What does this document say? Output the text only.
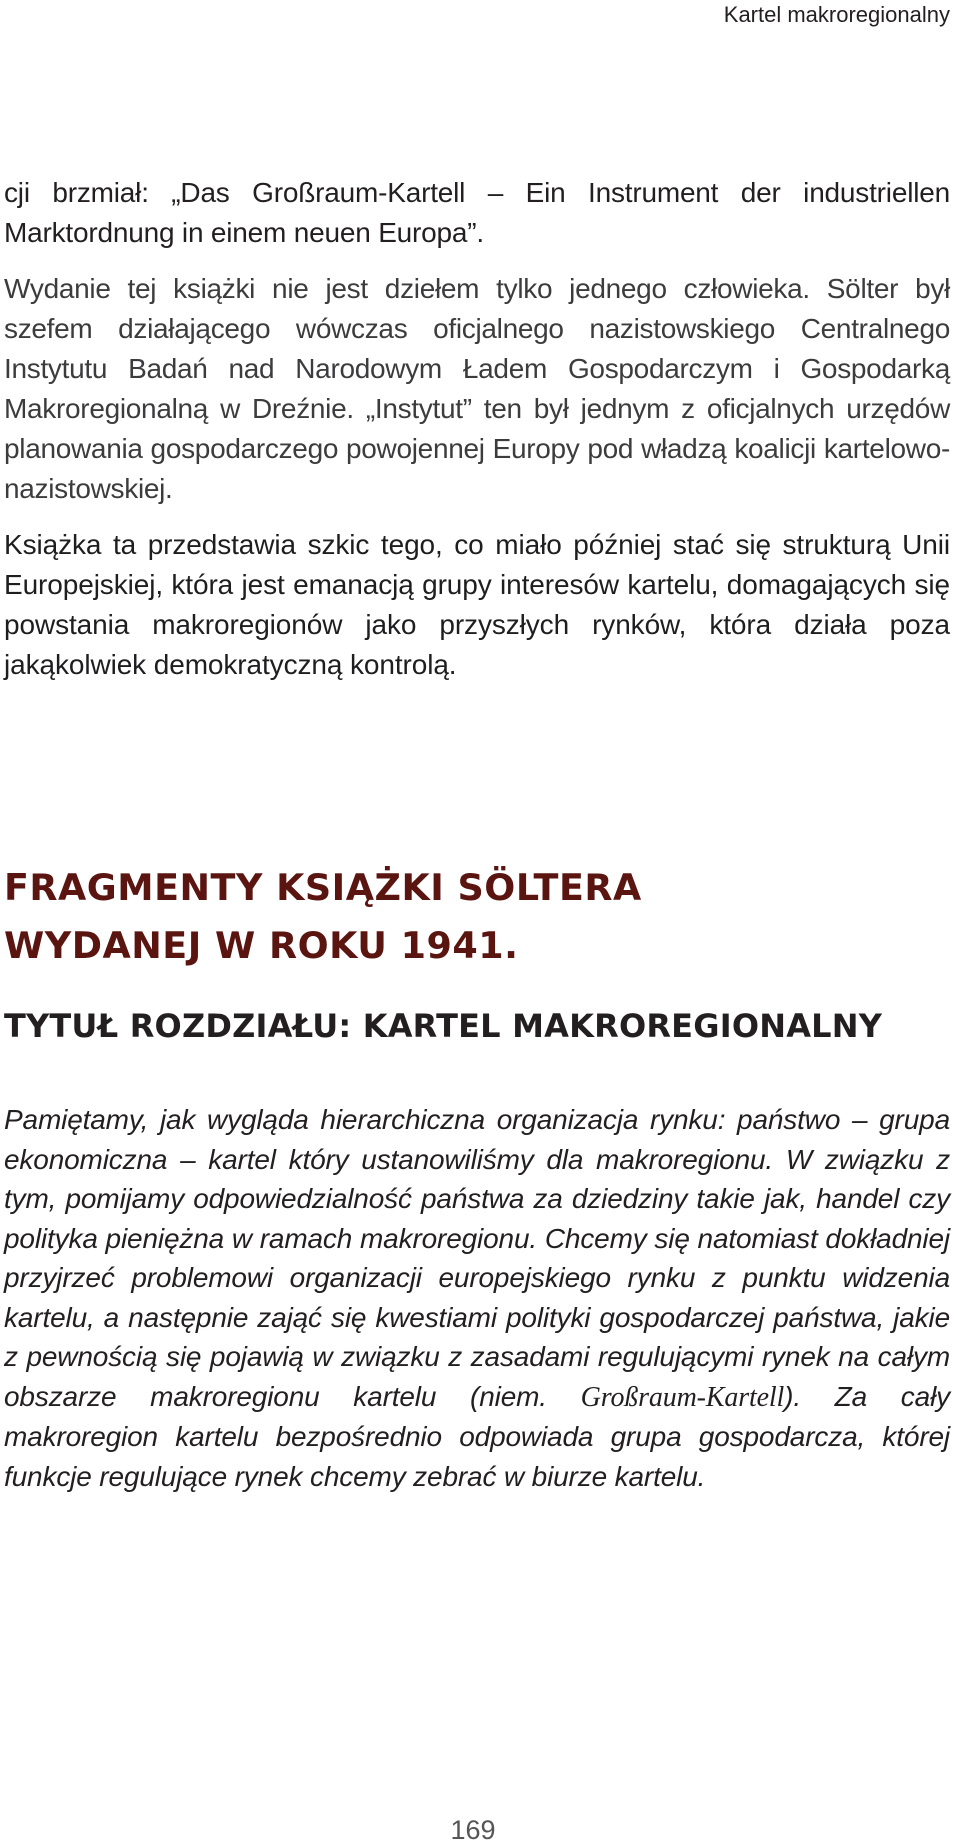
Kartel makroregionalny

cji brzmiał: „Das Großraum-Kartell – Ein Instrument der industriellen Marktordnung in einem neuen Europa”.

Wydanie tej książki nie jest dziełem tylko jednego człowieka. Sölter był szefem działającego wówczas oficjalnego nazistowskiego Centralnego Instytutu Badań nad Narodowym Ładem Gospodarczym i Gospodarką Makroregionalną w Dreźnie. „Instytut” ten był jednym z oficjalnych urzędów planowania gospodarczego powojennej Europy pod władzą koalicji kartelowo-nazistowskiej.

Książka ta przedstawia szkic tego, co miało później stać się strukturą Unii Europejskiej, która jest emanacją grupy interesów kartelu, domagających się powstania makroregionów jako przyszłych rynków, która działa poza jakąkolwiek demokratyczną kontrolą.

FRAGMENTY KSIĄŻKI SÖLTERA
WYDANEJ W ROKU 1941.
TYTUŁ ROZDZIAŁU: KARTEL MAKROREGIONALNY

Pamiętamy, jak wygląda hierarchiczna organizacja rynku: państwo – grupa ekonomiczna – kartel który ustanowiliśmy dla makroregionu. W związku z tym, pomijamy odpowiedzialność państwa za dziedziny takie jak, handel czy polityka pieniężna w ramach makroregionu. Chcemy się natomiast dokładniej przyjrzeć problemowi organizacji europejskiego rynku z punktu widzenia kartelu, a następnie zająć się kwestiami polityki gospodarczej państwa, jakie z pewnością się pojawią w związku z zasadami regulującymi rynek na całym obszarze makroregionu kartelu (niem. Großraum-Kartell). Za cały makroregion kartelu bezpośrednio odpowiada grupa gospodarcza, której funkcje regulujące rynek chcemy zebrać w biurze kartelu.

169
